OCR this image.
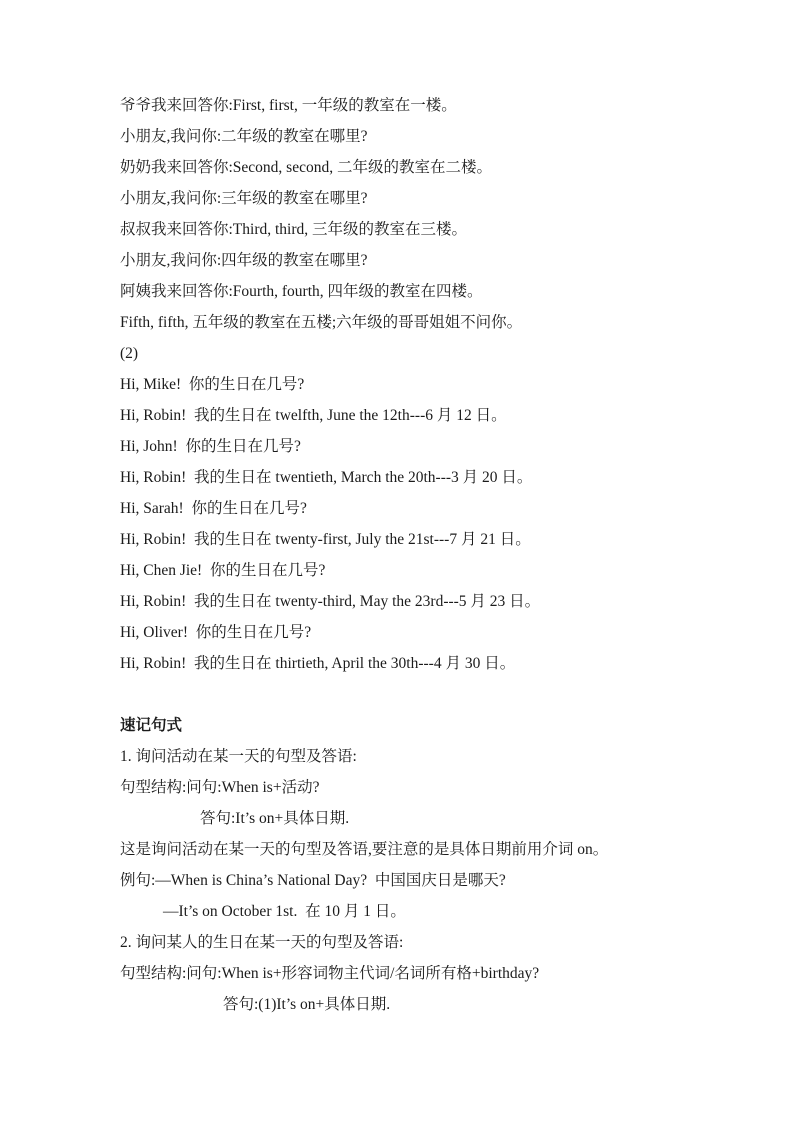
爷爷我来回答你:First, first, 一年级的教室在一楼。
小朋友,我问你:二年级的教室在哪里?
奶奶我来回答你:Second, second, 二年级的教室在二楼。
小朋友,我问你:三年级的教室在哪里?
叔叔我来回答你:Third, third, 三年级的教室在三楼。
小朋友,我问你:四年级的教室在哪里?
阿姨我来回答你:Fourth, fourth, 四年级的教室在四楼。
Fifth, fifth, 五年级的教室在五楼;六年级的哥哥姐姐不问你。
(2)
Hi, Mike!  你的生日在几号?
Hi, Robin!  我的生日在 twelfth, June the 12th---6 月 12 日。
Hi, John!  你的生日在几号?
Hi, Robin!  我的生日在 twentieth, March the 20th---3 月 20 日。
Hi, Sarah!  你的生日在几号?
Hi, Robin!  我的生日在 twenty-first, July the 21st---7 月 21 日。
Hi, Chen Jie!  你的生日在几号?
Hi, Robin!  我的生日在 twenty-third, May the 23rd---5 月 23 日。
Hi, Oliver!  你的生日在几号?
Hi, Robin!  我的生日在 thirtieth, April the 30th---4 月 30 日。

速记句式
1. 询问活动在某一天的句型及答语:
句型结构:问句:When is+活动?
答句:It’s on+具体日期.
这是询问活动在某一天的句型及答语,要注意的是具体日期前用介词 on。
例句:—When is China’s National Day?  中国国庆日是哪天?
—It’s on October 1st.  在 10 月 1 日。
2. 询问某人的生日在某一天的句型及答语:
句型结构:问句:When is+形容词物主代词/名词所有格+birthday?
答句:(1)It’s on+具体日期.
